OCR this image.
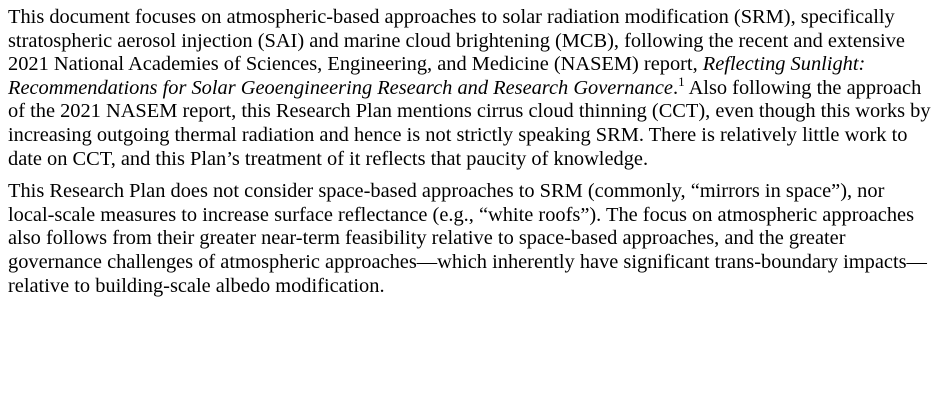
This document focuses on atmospheric-based approaches to solar radiation modification (SRM), specifically stratospheric aerosol injection (SAI) and marine cloud brightening (MCB), following the recent and extensive 2021 National Academies of Sciences, Engineering, and Medicine (NASEM) report, Reflecting Sunlight: Recommendations for Solar Geoengineering Research and Research Governance.$^1$ Also following the approach of the 2021 NASEM report, this Research Plan mentions cirrus cloud thinning (CCT), even though this works by increasing outgoing thermal radiation and hence is not strictly speaking SRM. There is relatively little work to date on CCT, and this Plan’s treatment of it reflects that paucity of knowledge.

This Research Plan does not consider space-based approaches to SRM (commonly, “mirrors in space”), nor local-scale measures to increase surface reflectance (e.g., “white roofs”). The focus on atmospheric approaches also follows from their greater near-term feasibility relative to space-based approaches, and the greater governance challenges of atmospheric approaches—which inherently have significant trans-boundary impacts—relative to building-scale albedo modification.
